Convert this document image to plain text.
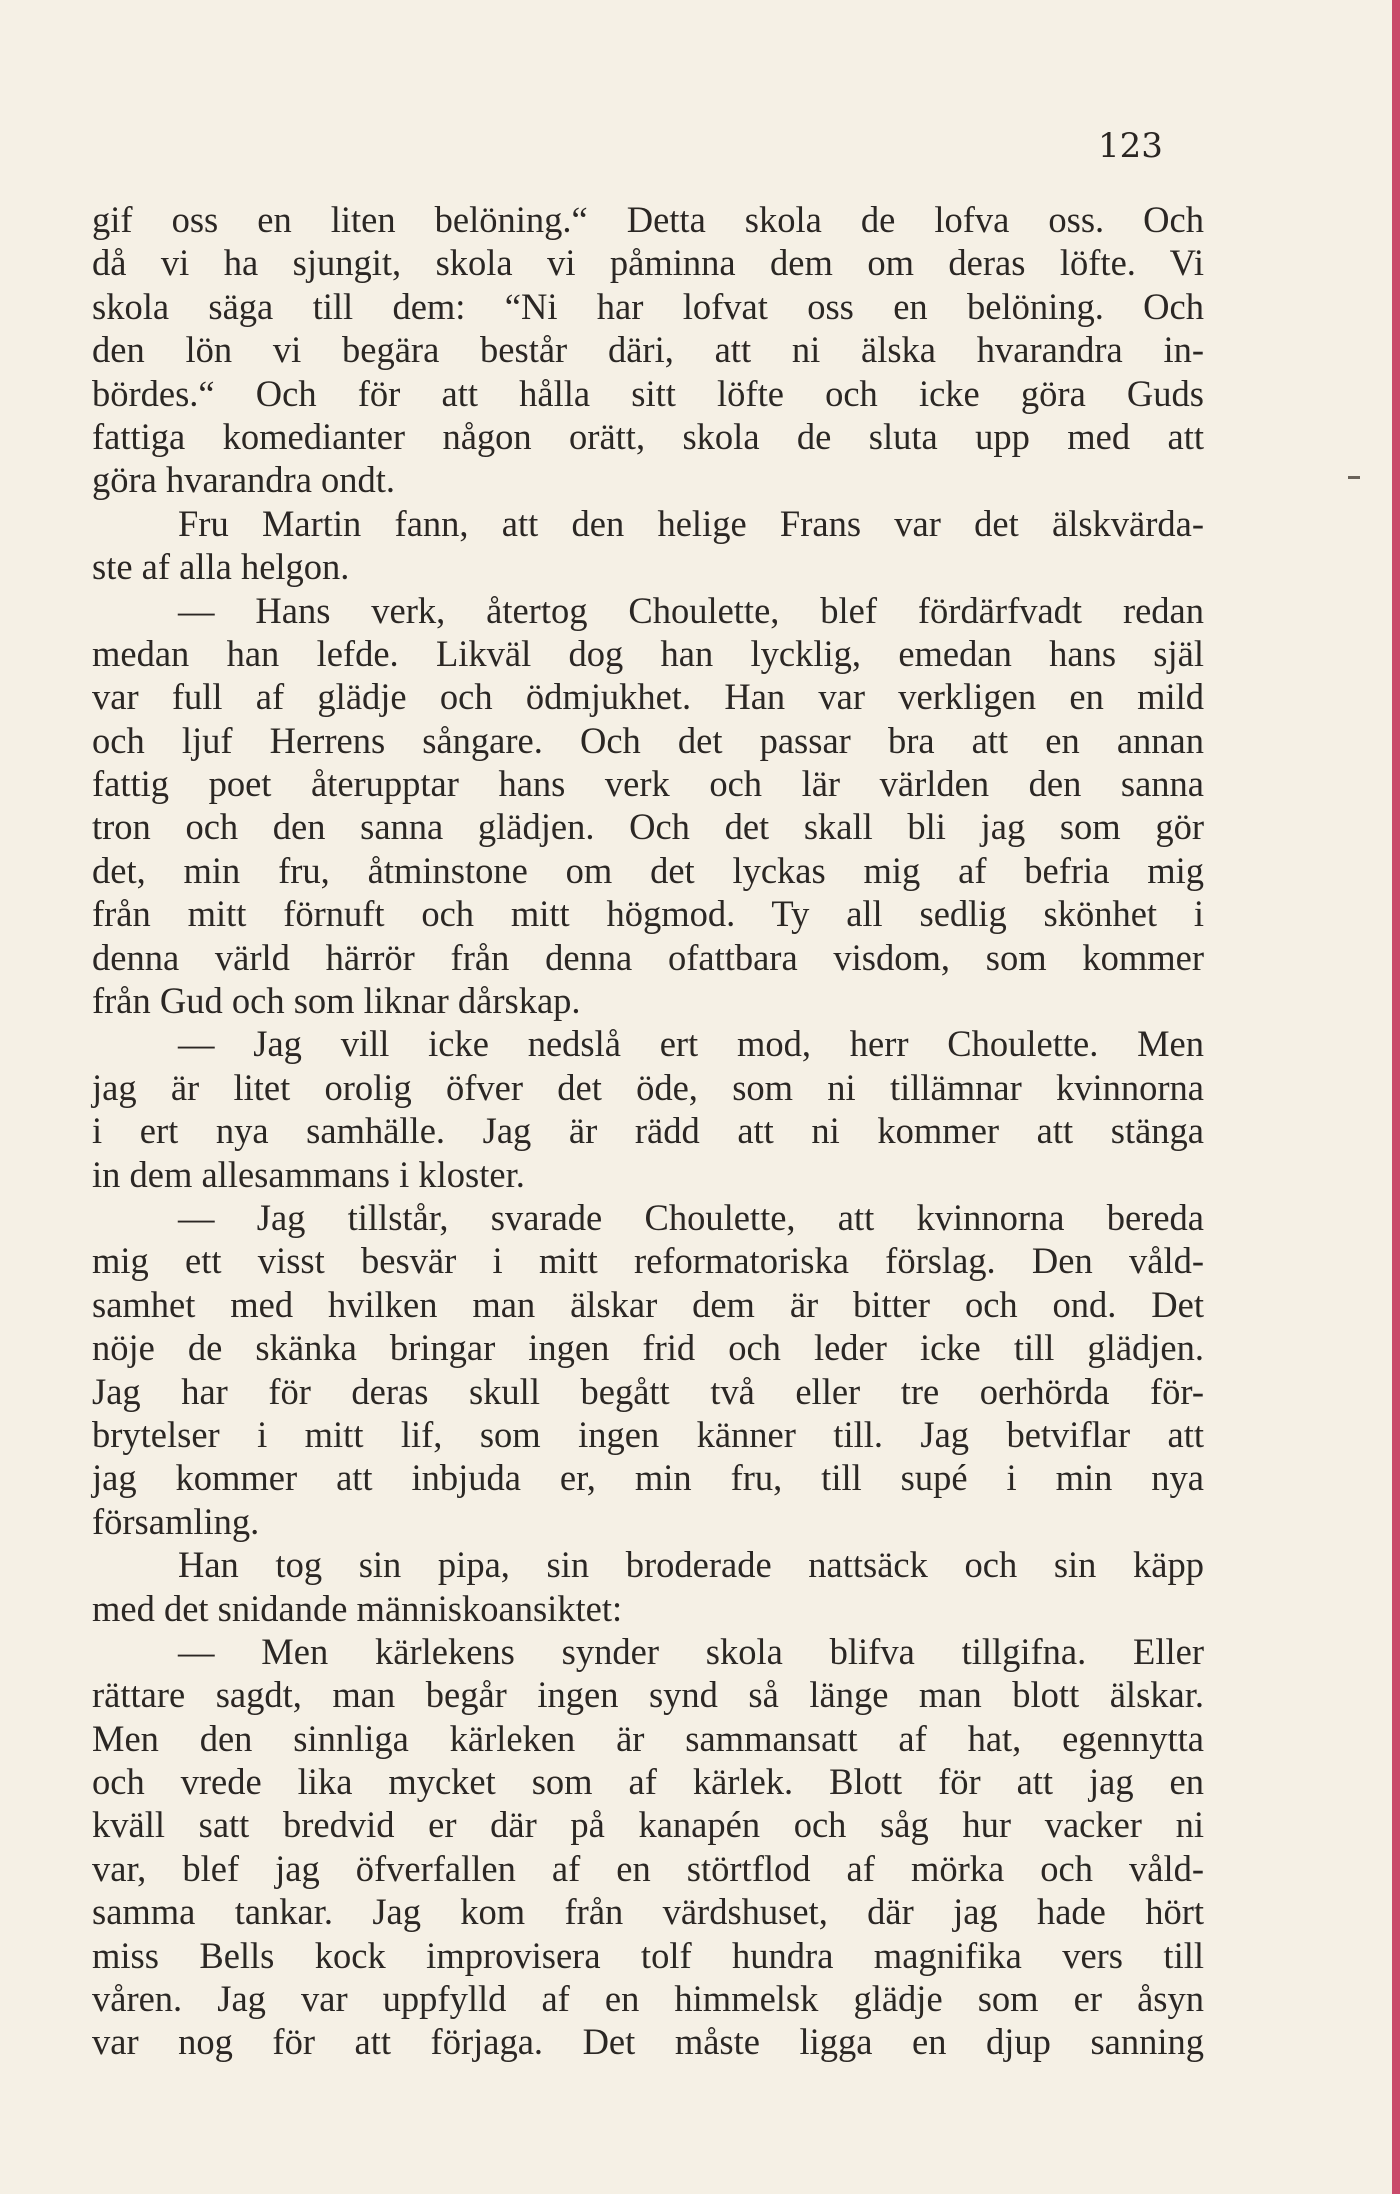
123
gif oss en liten belöning.“ Detta skola de lofva oss. Och
då vi ha sjungit, skola vi påminna dem om deras löfte. Vi
skola säga till dem: “Ni har lofvat oss en belöning. Och
den lön vi begära består däri, att ni älska hvarandra in-
bördes.“ Och för att hålla sitt löfte och icke göra Guds
fattiga komedianter någon orätt, skola de sluta upp med att
göra hvarandra ondt.
Fru Martin fann, att den helige Frans var det älskvärda-
ste af alla helgon.
— Hans verk, återtog Choulette, blef fördärfvadt redan
medan han lefde. Likväl dog han lycklig, emedan hans själ
var full af glädje och ödmjukhet. Han var verkligen en mild
och ljuf Herrens sångare. Och det passar bra att en annan
fattig poet återupptar hans verk och lär världen den sanna
tron och den sanna glädjen. Och det skall bli jag som gör
det, min fru, åtminstone om det lyckas mig af befria mig
från mitt förnuft och mitt högmod. Ty all sedlig skönhet i
denna värld härrör från denna ofattbara visdom, som kommer
från Gud och som liknar dårskap.
— Jag vill icke nedslå ert mod, herr Choulette. Men
jag är litet orolig öfver det öde, som ni tillämnar kvinnorna
i ert nya samhälle. Jag är rädd att ni kommer att stänga
in dem allesammans i kloster.
— Jag tillstår, svarade Choulette, att kvinnorna bereda
mig ett visst besvär i mitt reformatoriska förslag. Den våld-
samhet med hvilken man älskar dem är bitter och ond. Det
nöje de skänka bringar ingen frid och leder icke till glädjen.
Jag har för deras skull begått två eller tre oerhörda för-
brytelser i mitt lif, som ingen känner till. Jag betviflar att
jag kommer att inbjuda er, min fru, till supé i min nya
församling.
Han tog sin pipa, sin broderade nattsäck och sin käpp
med det snidande människoansiktet:
— Men kärlekens synder skola blifva tillgifna. Eller
rättare sagdt, man begår ingen synd så länge man blott älskar.
Men den sinnliga kärleken är sammansatt af hat, egennytta
och vrede lika mycket som af kärlek. Blott för att jag en
kväll satt bredvid er där på kanapén och såg hur vacker ni
var, blef jag öfverfallen af en störtflod af mörka och våld-
samma tankar. Jag kom från värdshuset, där jag hade hört
miss Bells kock improvisera tolf hundra magnifika vers till
våren. Jag var uppfylld af en himmelsk glädje som er åsyn
var nog för att förjaga. Det måste ligga en djup sanning
